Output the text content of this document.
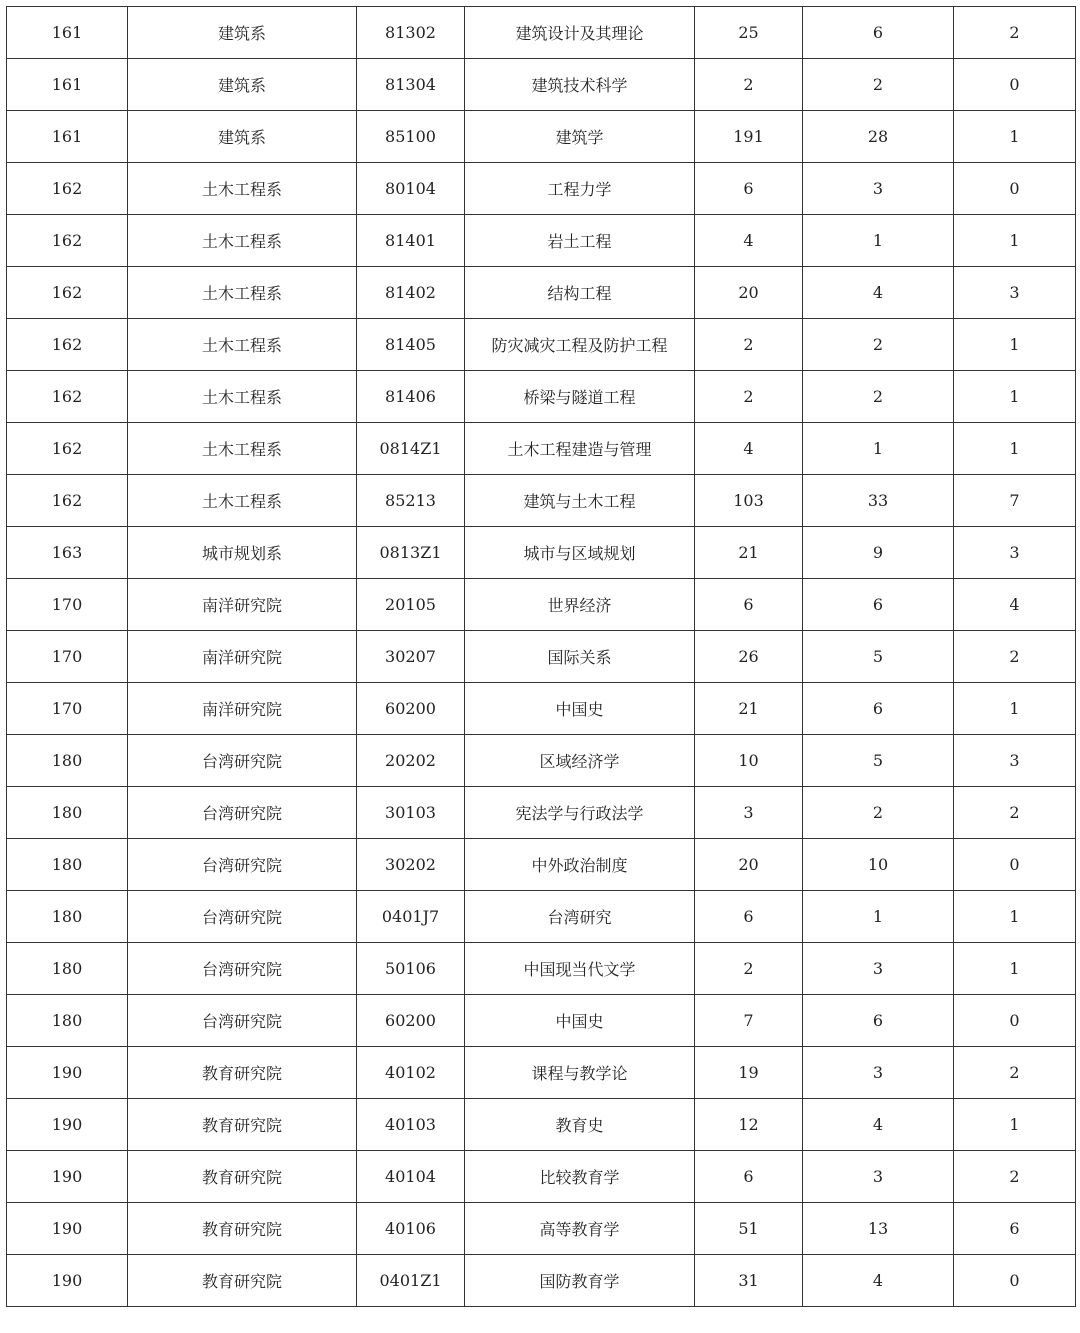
161	建筑系	81302	建筑设计及其理论	25	6	2
161	建筑系	81304	建筑技术科学	2	2	0
161	建筑系	85100	建筑学	191	28	1
162	土木工程系	80104	工程力学	6	3	0
162	土木工程系	81401	岩土工程	4	1	1
162	土木工程系	81402	结构工程	20	4	3
162	土木工程系	81405	防灾减灾工程及防护工程	2	2	1
162	土木工程系	81406	桥梁与隧道工程	2	2	1
162	土木工程系	0814Z1	土木工程建造与管理	4	1	1
162	土木工程系	85213	建筑与土木工程	103	33	7
163	城市规划系	0813Z1	城市与区域规划	21	9	3
170	南洋研究院	20105	世界经济	6	6	4
170	南洋研究院	30207	国际关系	26	5	2
170	南洋研究院	60200	中国史	21	6	1
180	台湾研究院	20202	区域经济学	10	5	3
180	台湾研究院	30103	宪法学与行政法学	3	2	2
180	台湾研究院	30202	中外政治制度	20	10	0
180	台湾研究院	0401J7	台湾研究	6	1	1
180	台湾研究院	50106	中国现当代文学	2	3	1
180	台湾研究院	60200	中国史	7	6	0
190	教育研究院	40102	课程与教学论	19	3	2
190	教育研究院	40103	教育史	12	4	1
190	教育研究院	40104	比较教育学	6	3	2
190	教育研究院	40106	高等教育学	51	13	6
190	教育研究院	0401Z1	国防教育学	31	4	0
